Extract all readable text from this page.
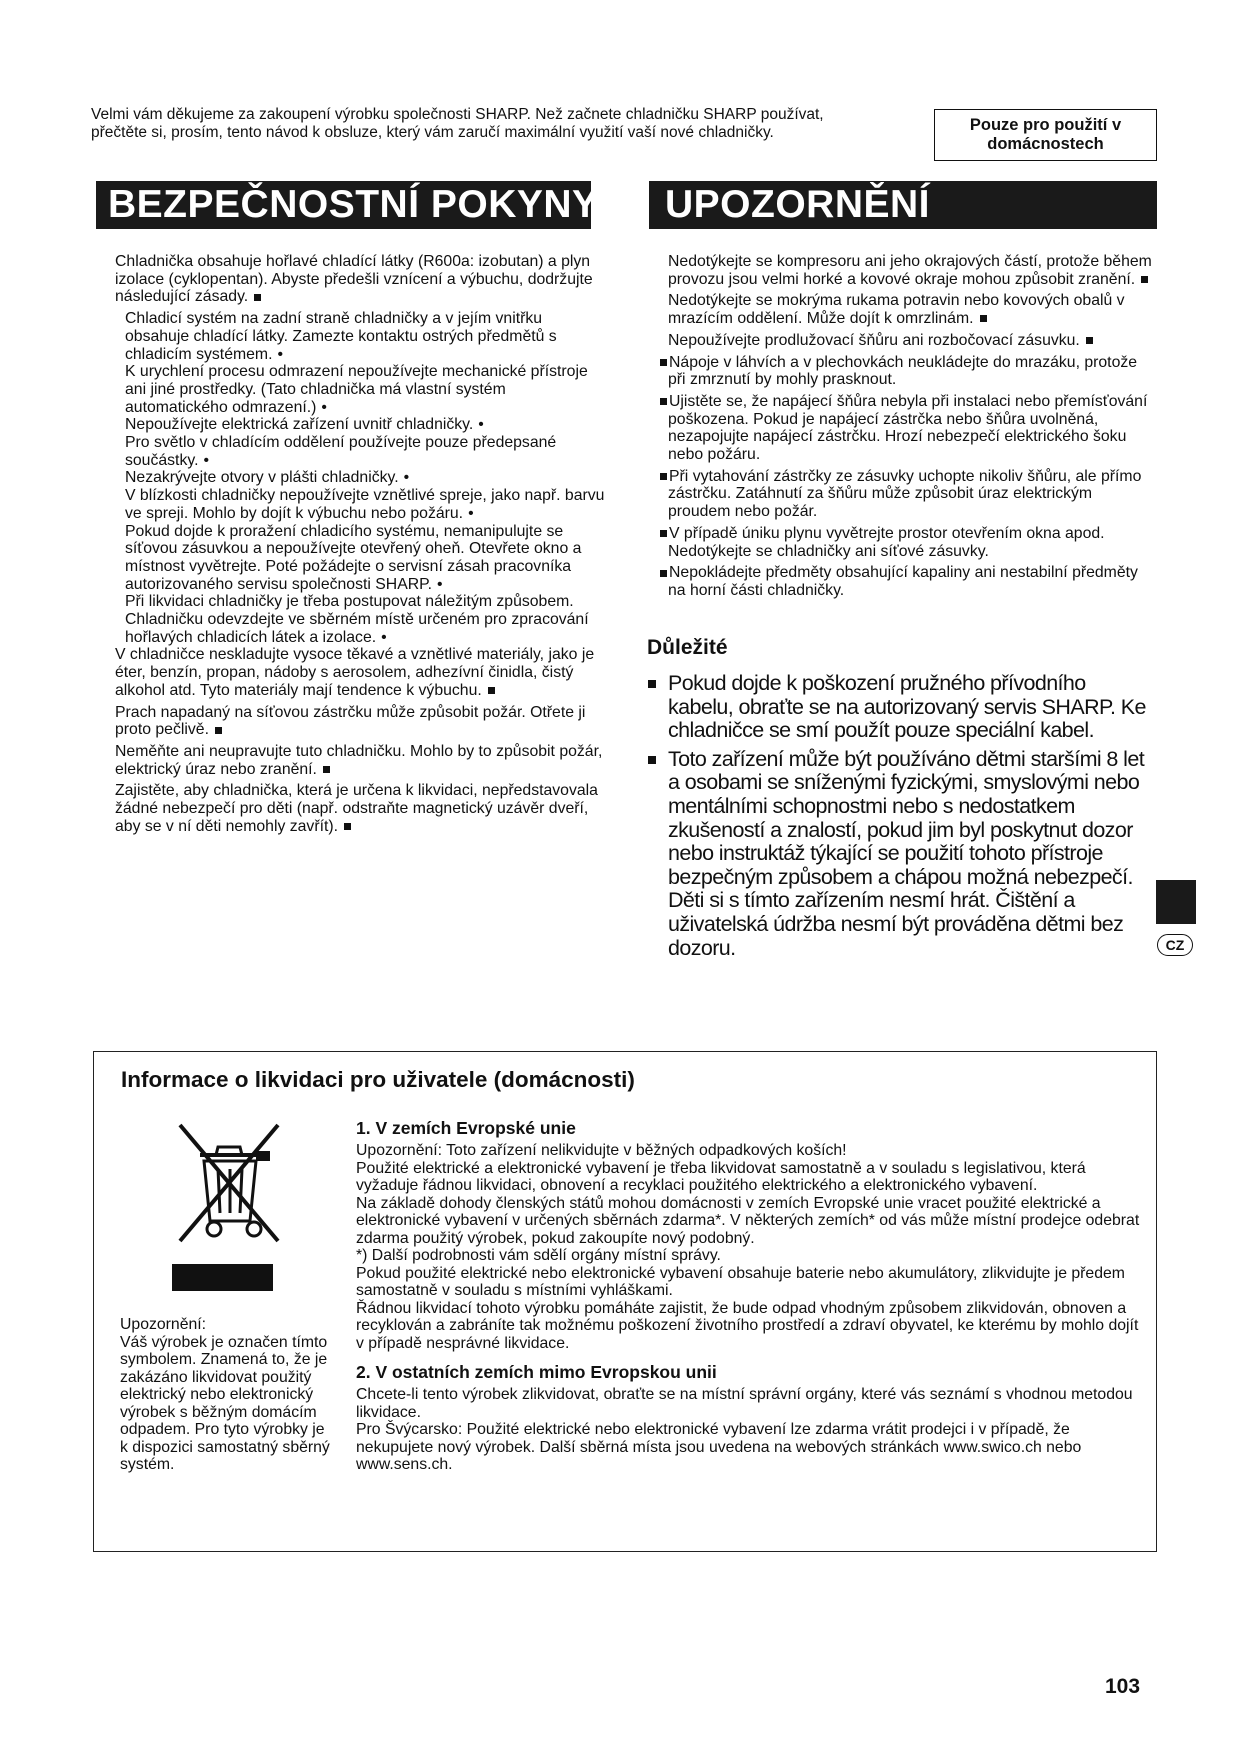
Velmi vám děkujeme za zakoupení výrobku společnosti SHARP. Než začnete chladničku SHARP používat, přečtěte si, prosím, tento návod k obsluze, který vám zaručí maximální využití vaší nové chladničky.	Pouze pro použití v domácnostech
BEZPEČNOSTNÍ POKYNY	UPOZORNĚNÍ

Chladnička obsahuje hořlavé chladící látky (R600a: izobutan) a plyn izolace (cyklopentan). Abyste předešli vznícení a výbuchu, dodržujte následující zásady.

Chladicí systém na zadní straně chladničky a v jejím vnitřku obsahuje chladící látky. Zamezte kontaktu ostrých předmětů s chladicím systémem. •

K urychlení procesu odmrazení nepoužívejte mechanické přístroje ani jiné prostředky. (Tato chladnička má vlastní systém automatického odmrazení.) •

Nepoužívejte elektrická zařízení uvnitř chladničky. •

Pro světlo v chladícím oddělení používejte pouze předepsané součástky. •

Nezakrývejte otvory v plášti chladničky. •

V blízkosti chladničky nepoužívejte vznětlivé spreje, jako např. barvu ve spreji. Mohlo by dojít k výbuchu nebo požáru. •

Pokud dojde k proražení chladicího systému, nemanipulujte se síťovou zásuvkou a nepoužívejte otevřený oheň. Otevřete okno a místnost vyvětrejte. Poté požádejte o servisní zásah pracovníka autorizovaného servisu společnosti SHARP. •

Při likvidaci chladničky je třeba postupovat náležitým způsobem. Chladničku odevzdejte ve sběrném místě určeném pro zpracování hořlavých chladicích látek a izolace. •

V chladničce neskladujte vysoce těkavé a vznětlivé materiály, jako je éter, benzín, propan, nádoby s aerosolem, adhezívní činidla, čistý alkohol atd. Tyto materiály mají tendence k výbuchu.

Prach napadaný na síťovou zástrčku může způsobit požár. Otřete ji proto pečlivě.

Neměňte ani neupravujte tuto chladničku. Mohlo by to způsobit požár, elektrický úraz nebo zranění.

Zajistěte, aby chladnička, která je určena k likvidaci, nepředstavovala žádné nebezpečí pro děti (např. odstraňte magnetický uzávěr dveří, aby se v ní děti nemohly zavřít).

Nedotýkejte se kompresoru ani jeho okrajových částí, protože během provozu jsou velmi horké a kovové okraje mohou způsobit zranění.

Nedotýkejte se mokrýma rukama potravin nebo kovových obalů v mrazícím oddělení. Může dojít k omrzlinám.

Nepoužívejte prodlužovací šňůru ani rozbočovací zásuvku.

Nápoje v láhvích a v plechovkách neukládejte do mrazáku, protože při zmrznutí by mohly prasknout.

Ujistěte se, že napájecí šňůra nebyla při instalaci nebo přemísťování poškozena. Pokud je napájecí zástrčka nebo šňůra uvolněná, nezapojujte napájecí zástrčku. Hrozí nebezpečí elektrického šoku nebo požáru.

Při vytahování zástrčky ze zásuvky uchopte nikoliv šňůru, ale přímo zástrčku. Zatáhnutí za šňůru může způsobit úraz elektrickým proudem nebo požár.

V případě úniku plynu vyvětrejte prostor otevřením okna apod. Nedotýkejte se chladničky ani síťové zásuvky.

Nepokládejte předměty obsahující kapaliny ani nestabilní předměty na horní části chladničky.

Důležité
Pokud dojde k poškození pružného přívodního kabelu, obraťte se na autorizovaný servis SHARP. Ke chladničce se smí použít pouze speciální kabel.
Toto zařízení může být používáno dětmi staršími 8 let a osobami se sníženými fyzickými, smyslovými nebo mentálními schopnostmi nebo s nedostatkem zkušeností a znalostí, pokud jim byl poskytnut dozor nebo instruktáž týkající se použití tohoto přístroje bezpečným způsobem a chápou možná nebezpečí. Děti si s tímto zařízením nesmí hrát. Čištění a uživatelská údržba nesmí být prováděna dětmi bez dozoru.	CZ
Informace o likvidaci pro uživatele (domácnosti)
Upozornění:
Váš výrobek je označen tímto symbolem. Znamená to, že je zakázáno likvidovat použitý elektrický nebo elektronický výrobek s běžným domácím odpadem. Pro tyto výrobky je k dispozici samostatný sběrný systém.
1. V zemích Evropské unie

Upozornění: Toto zařízení nelikvidujte v běžných odpadkových koších!

Použité elektrické a elektronické vybavení je třeba likvidovat samostatně a v souladu s legislativou, která vyžaduje řádnou likvidaci, obnovení a recyklaci použitého elektrického a elektronického vybavení.

Na základě dohody členských států mohou domácnosti v zemích Evropské unie vracet použité elektrické a elektronické vybavení v určených sběrnách zdarma*. V některých zemích* od vás může místní prodejce odebrat zdarma použitý výrobek, pokud zakoupíte nový podobný.

*) Další podrobnosti vám sdělí orgány místní správy.

Pokud použité elektrické nebo elektronické vybavení obsahuje baterie nebo akumulátory, zlikvidujte je předem samostatně v souladu s místními vyhláškami.

Řádnou likvidací tohoto výrobku pomáháte zajistit, že bude odpad vhodným způsobem zlikvidován, obnoven a recyklován a zabráníte tak možnému poškození životního prostředí a zdraví obyvatel, ke kterému by mohlo dojít v případě nesprávné likvidace.

2. V ostatních zemích mimo Evropskou unii

Chcete-li tento výrobek zlikvidovat, obraťte se na místní správní orgány, které vás seznámí s vhodnou metodou likvidace.

Pro Švýcarsko: Použité elektrické nebo elektronické vybavení lze zdarma vrátit prodejci i v případě, že nekupujete nový výrobek. Další sběrná místa jsou uvedena na webových stránkách www.swico.ch nebo www.sens.ch.

103
